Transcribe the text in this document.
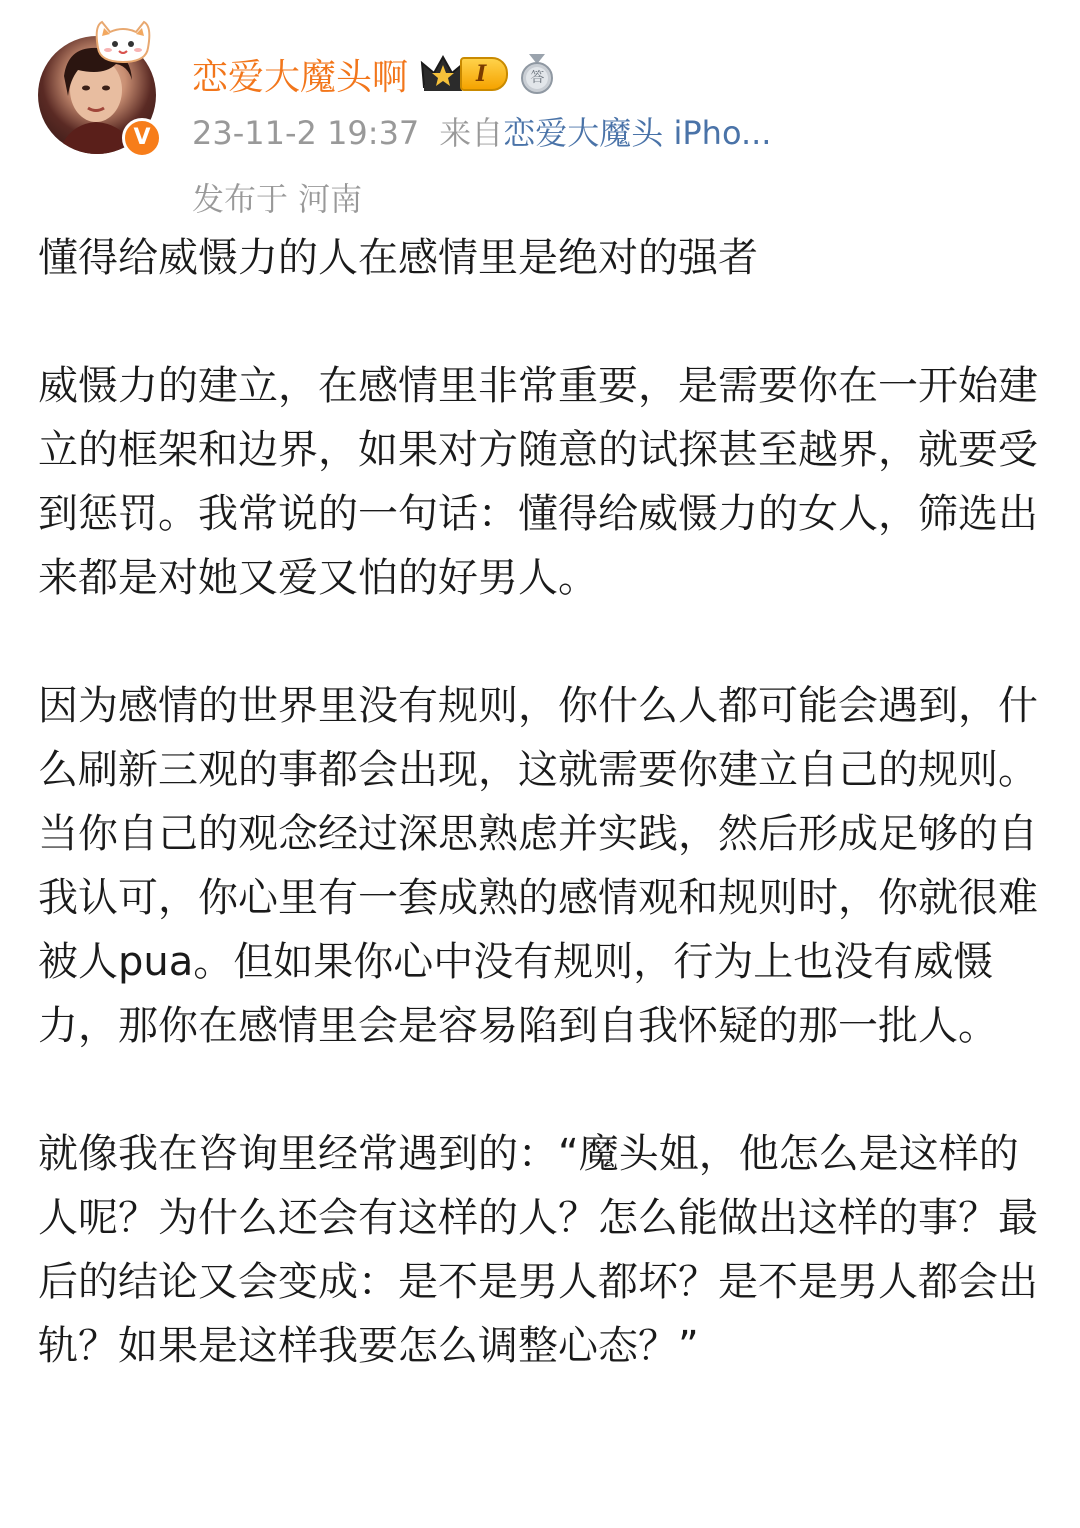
V
恋爱大魔头啊	I	答
23-11-2 19:37 来自恋爱大魔头 iPho...
发布于 河南

懂得给威慑力的人在感情里是绝对的强者

威慑力的建立，在感情里非常重要，是需要你在一开始建立的框架和边界，如果对方随意的试探甚至越界，就要受到惩罚。我常说的一句话：懂得给威慑力的女人，筛选出来都是对她又爱又怕的好男人。

因为感情的世界里没有规则，你什么人都可能会遇到，什么刷新三观的事都会出现，这就需要你建立自己的规则。当你自己的观念经过深思熟虑并实践，然后形成足够的自我认可，你心里有一套成熟的感情观和规则时，你就很难被人pua。但如果你心中没有规则，行为上也没有威慑力，那你在感情里会是容易陷到自我怀疑的那一批人。

就像我在咨询里经常遇到的：“魔头姐，他怎么是这样的人呢？为什么还会有这样的人？怎么能做出这样的事？最后的结论又会变成：是不是男人都坏？是不是男人都会出轨？如果是这样我要怎么调整心态？”
